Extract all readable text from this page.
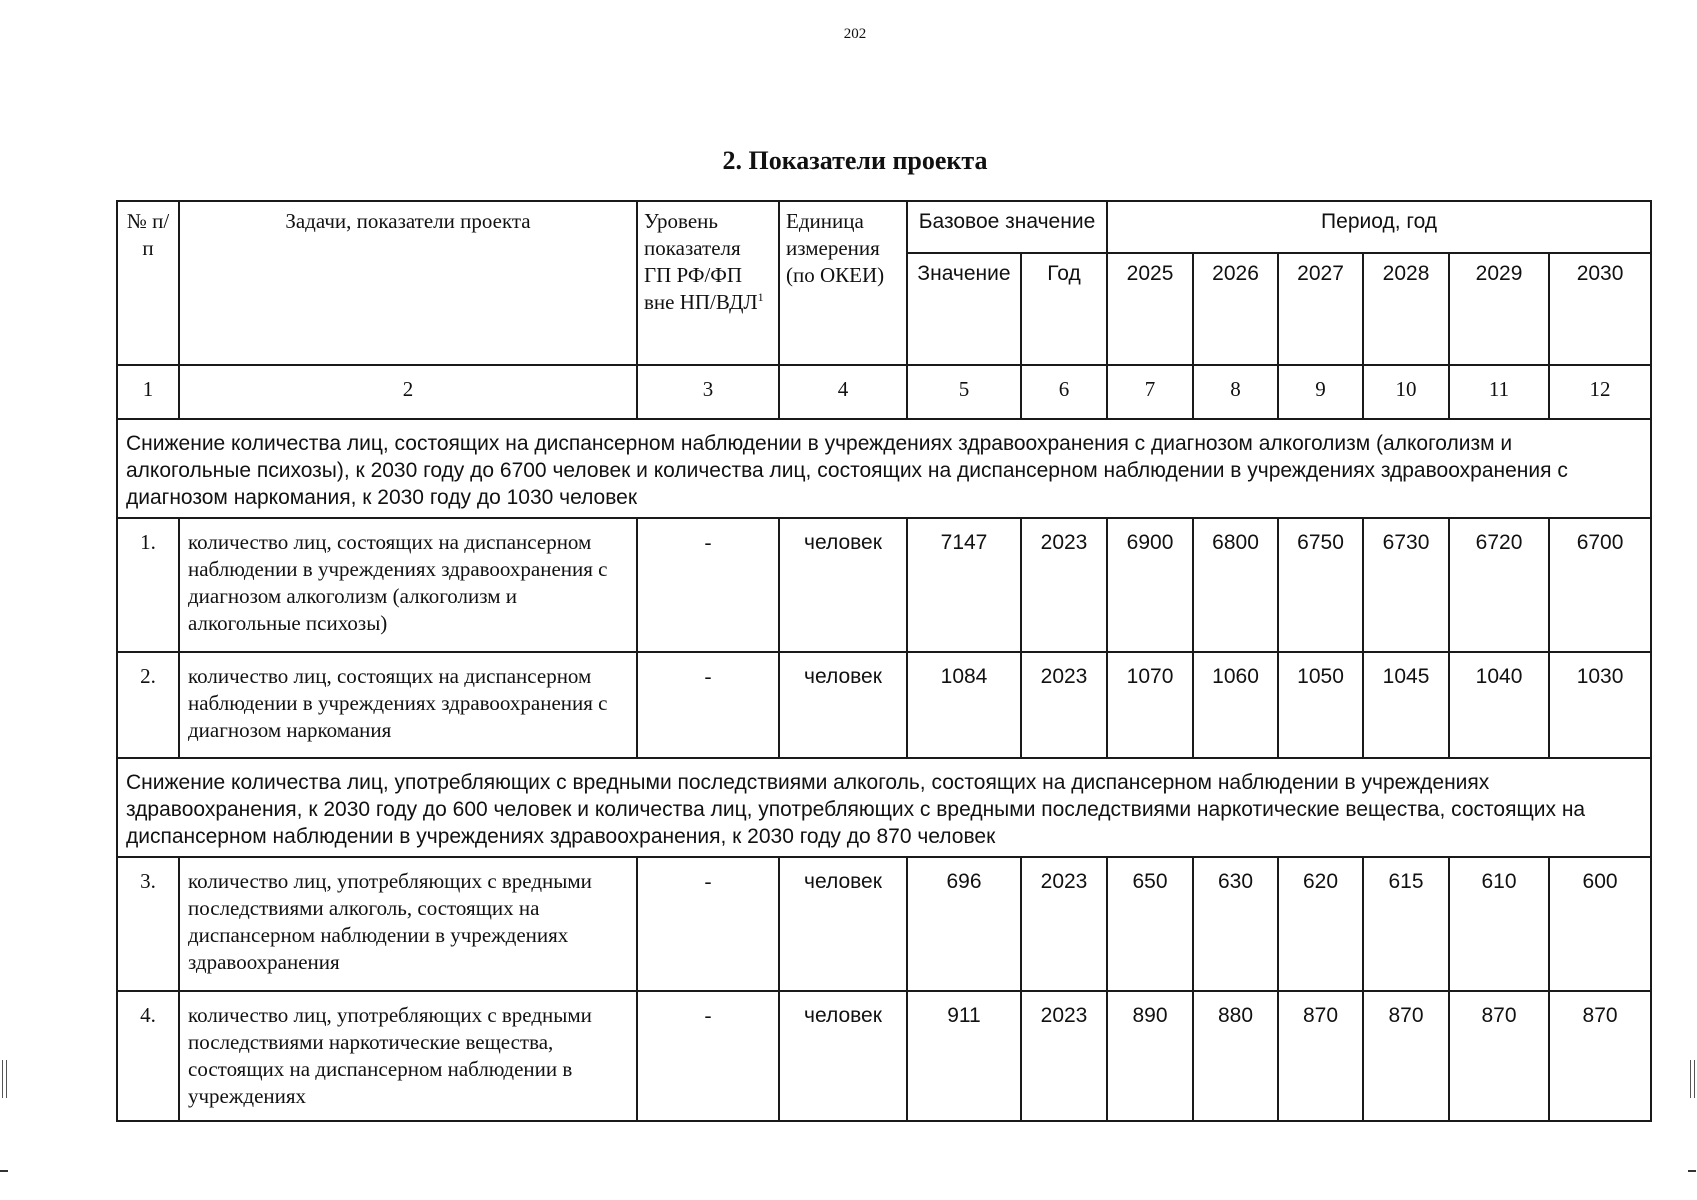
202
2. Показатели проекта
№ п/п	Задачи, показатели проекта	Уровень показателя ГП РФ/ФП вне НП/ВДЛ$^1$	Единица измерения (по ОКЕИ)	Базовое значение		Период, год					
				Значение	Год	2025	2026	2027	2028	2029	2030
1	2	3	4	5	6	7	8	9	10	11	12
Снижение количества лиц, состоящих на диспансерном наблюдении в учреждениях здравоохранения с диагнозом алкоголизм (алкоголизм и алкогольные психозы), к 2030 году до 6700 человек и количества лиц, состоящих на диспансерном наблюдении в учреждениях здравоохранения с диагнозом наркомания, к 2030 году до 1030 человек											
1.	количество лиц, состоящих на диспансерном наблюдении в учреждениях здравоохранения с диагнозом алкоголизм (алкоголизм и алкогольные психозы)	-	человек	7147	2023	6900	6800	6750	6730	6720	6700
2.	количество лиц, состоящих на диспансерном наблюдении в учреждениях здравоохранения с диагнозом наркомания	-	человек	1084	2023	1070	1060	1050	1045	1040	1030
Снижение количества лиц, употребляющих с вредными последствиями алкоголь, состоящих на диспансерном наблюдении в учреждениях здравоохранения, к 2030 году до 600 человек и количества лиц, употребляющих с вредными последствиями наркотические вещества, состоящих на диспансерном наблюдении в учреждениях здравоохранения, к 2030 году до 870 человек											
3.	количество лиц, употребляющих с вредными последствиями алкоголь, состоящих на диспансерном наблюдении в учреждениях здравоохранения	-	человек	696	2023	650	630	620	615	610	600
4.	количество лиц, употребляющих с вредными последствиями наркотические вещества, состоящих на диспансерном наблюдении в учреждениях	-	человек	911	2023	890	880	870	870	870	870
